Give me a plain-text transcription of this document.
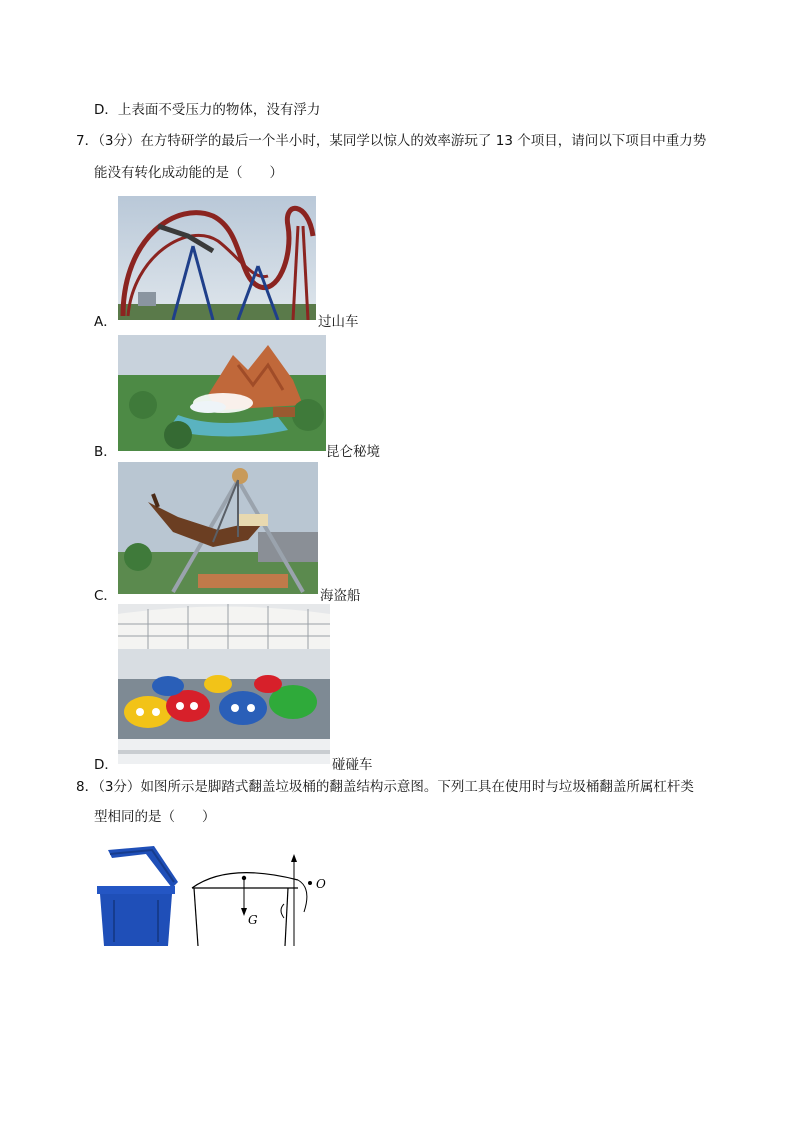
D．上表面不受压力的物体，没有浮力
7．（3分）在方特研学的最后一个半小时，某同学以惊人的效率游玩了 13 个项目，请问以下项目中重力势
能没有转化成动能的是（　　）
A．	过山车
B．	昆仑秘境
C．	海盗船
D．	碰碰车
8．（3分）如图所示是脚踏式翻盖垃圾桶的翻盖结构示意图。下列工具在使用时与垃圾桶翻盖所属杠杆类
型相同的是（　　）
G
O
